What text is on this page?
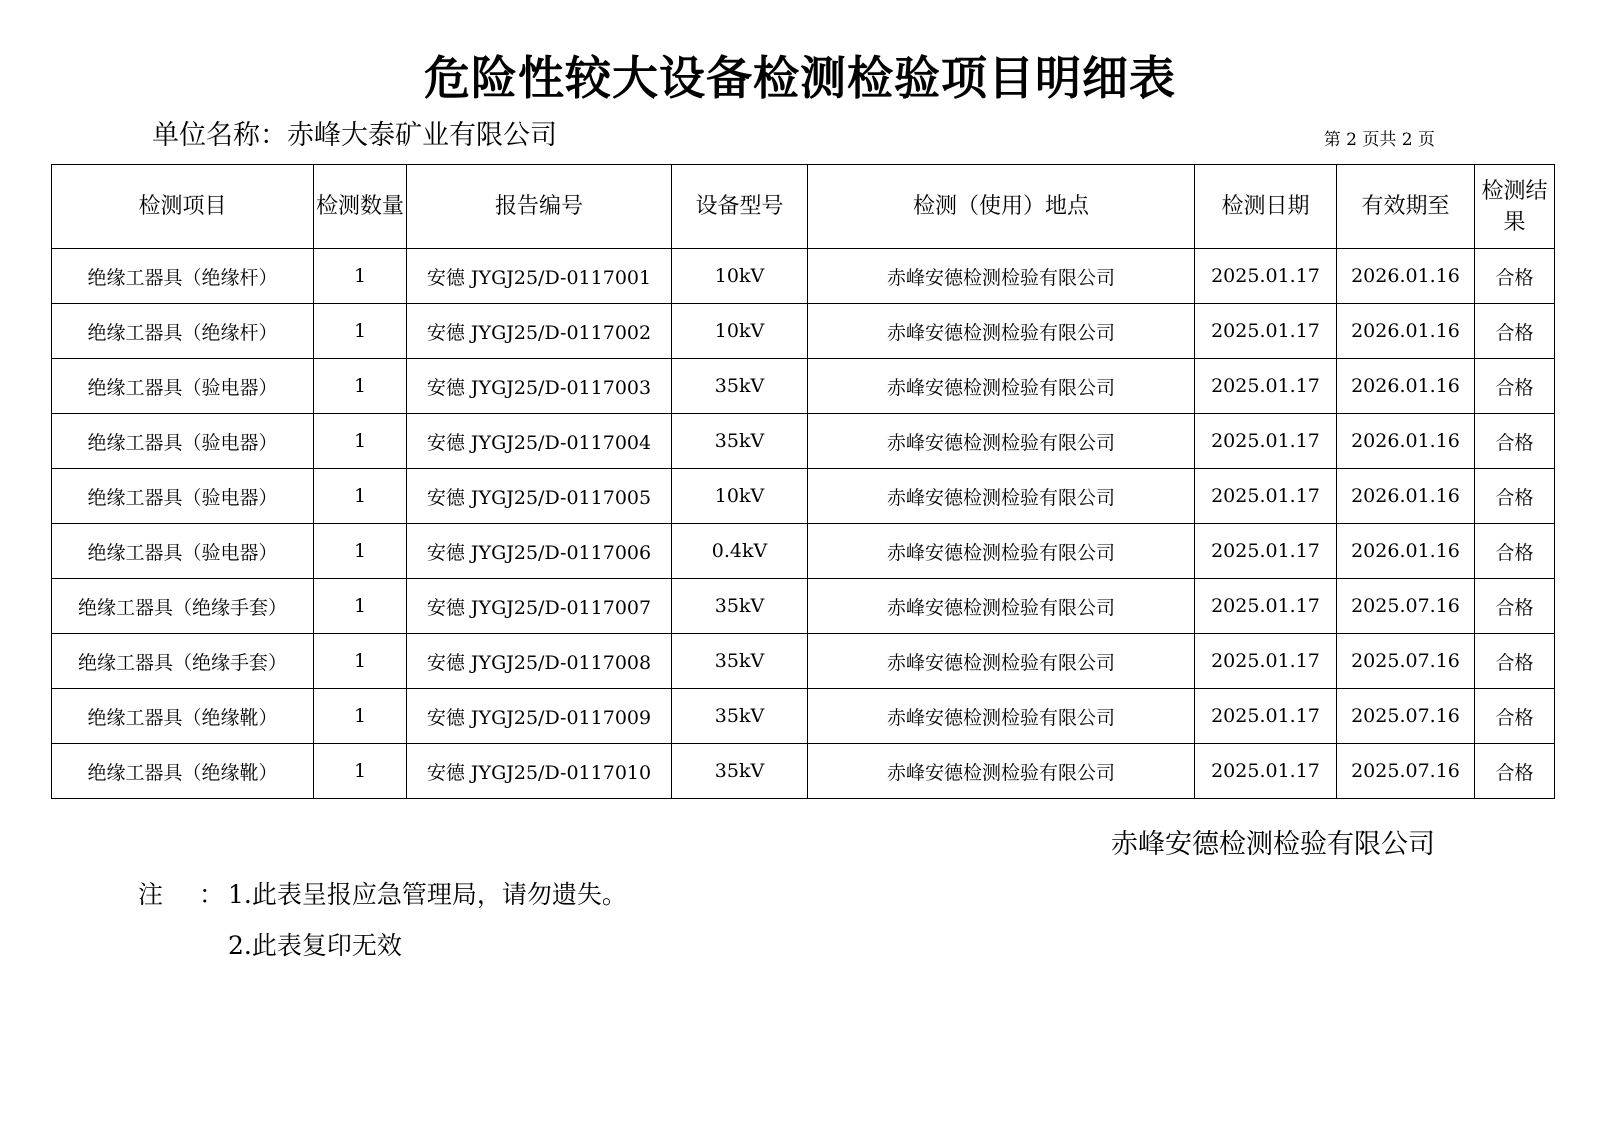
危险性较大设备检测检验项目明细表
单位名称：赤峰大泰矿业有限公司	第 2 页共 2 页
检测项目	检测数量	报告编号	设备型号	检测（使用）地点	检测日期	有效期至	检测结果
绝缘工器具（绝缘杆）	1	安德 JYGJ25/D-0117001	10kV	赤峰安德检测检验有限公司	2025.01.17	2026.01.16	合格
绝缘工器具（绝缘杆）	1	安德 JYGJ25/D-0117002	10kV	赤峰安德检测检验有限公司	2025.01.17	2026.01.16	合格
绝缘工器具（验电器）	1	安德 JYGJ25/D-0117003	35kV	赤峰安德检测检验有限公司	2025.01.17	2026.01.16	合格
绝缘工器具（验电器）	1	安德 JYGJ25/D-0117004	35kV	赤峰安德检测检验有限公司	2025.01.17	2026.01.16	合格
绝缘工器具（验电器）	1	安德 JYGJ25/D-0117005	10kV	赤峰安德检测检验有限公司	2025.01.17	2026.01.16	合格
绝缘工器具（验电器）	1	安德 JYGJ25/D-0117006	0.4kV	赤峰安德检测检验有限公司	2025.01.17	2026.01.16	合格
绝缘工器具（绝缘手套）	1	安德 JYGJ25/D-0117007	35kV	赤峰安德检测检验有限公司	2025.01.17	2025.07.16	合格
绝缘工器具（绝缘手套）	1	安德 JYGJ25/D-0117008	35kV	赤峰安德检测检验有限公司	2025.01.17	2025.07.16	合格
绝缘工器具（绝缘靴）	1	安德 JYGJ25/D-0117009	35kV	赤峰安德检测检验有限公司	2025.01.17	2025.07.16	合格
绝缘工器具（绝缘靴）	1	安德 JYGJ25/D-0117010	35kV	赤峰安德检测检验有限公司	2025.01.17	2025.07.16	合格
赤峰安德检测检验有限公司
注 ：
1.此表呈报应急管理局，请勿遗失。
2.此表复印无效
